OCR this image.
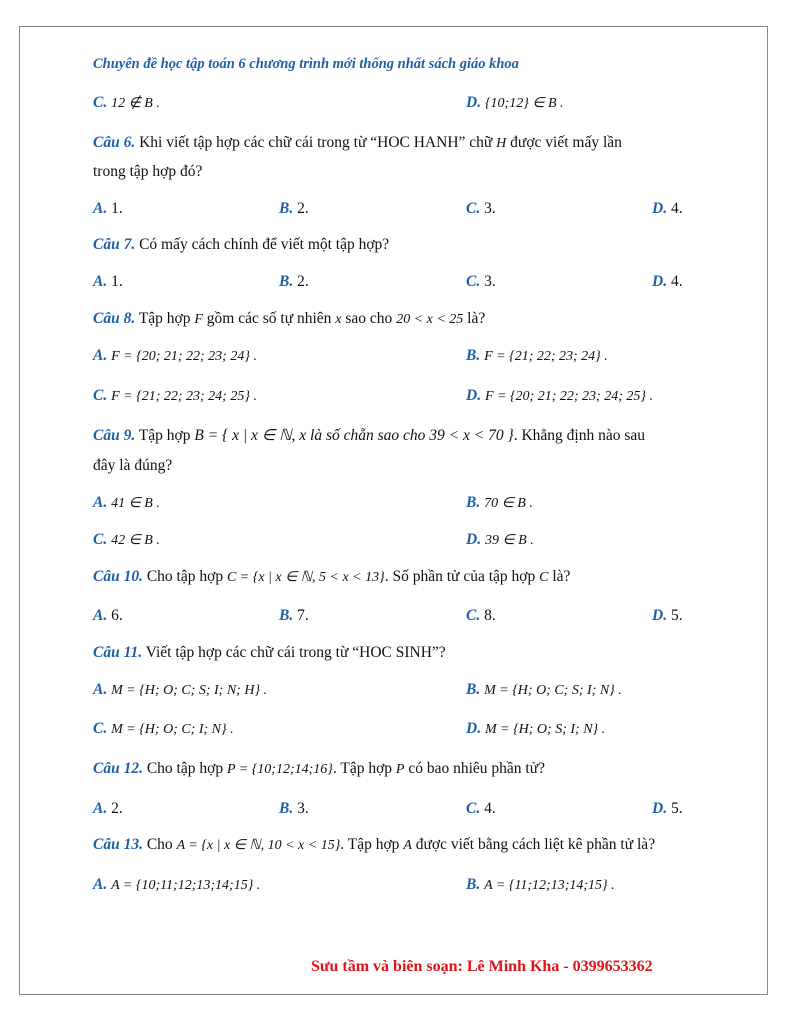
Chuyên đề học tập toán 6 chương trình mới thống nhất sách giáo khoa
C. 12 ∉ B .	D. {10;12} ∈ B .
Câu 6. Khi viết tập hợp các chữ cái trong từ “HOC HANH” chữ H được viết mấy lần
trong tập hợp đó?
A. 1.	B. 2.	C. 3.	D. 4.
Câu 7. Có mấy cách chính để viết một tập hợp?
A. 1.	B. 2.	C. 3.	D. 4.
Câu 8. Tập hợp F gồm các số tự nhiên x sao cho 20 < x < 25 là?
A. F = {20; 21; 22; 23; 24} .	B. F = {21; 22; 23; 24} .
C. F = {21; 22; 23; 24; 25} .	D. F = {20; 21; 22; 23; 24; 25} .
Câu 9. Tập hợp B = { x | x ∈ ℕ, x là số chẵn sao cho 39 < x < 70 }. Khẳng định nào sau
đây là đúng?
A. 41 ∈ B .	B. 70 ∈ B .
C. 42 ∈ B .	D. 39 ∈ B .
Câu 10. Cho tập hợp C = {x | x ∈ ℕ, 5 < x < 13}. Số phần tử của tập hợp C là?
A. 6.	B. 7.	C. 8.	D. 5.
Câu 11. Viết tập hợp các chữ cái trong từ “HOC SINH”?
A. M = {H; O; C; S; I; N; H} .	B. M = {H; O; C; S; I; N} .
C. M = {H; O; C; I; N} .	D. M = {H; O; S; I; N} .
Câu 12. Cho tập hợp P = {10;12;14;16}. Tập hợp P có bao nhiêu phần tử?
A. 2.	B. 3.	C. 4.	D. 5.
Câu 13. Cho A = {x | x ∈ ℕ, 10 < x < 15}. Tập hợp A được viết bằng cách liệt kê phần tử là?
A. A = {10;11;12;13;14;15} .	B. A = {11;12;13;14;15} .
Sưu tầm và biên soạn: Lê Minh Kha - 0399653362
